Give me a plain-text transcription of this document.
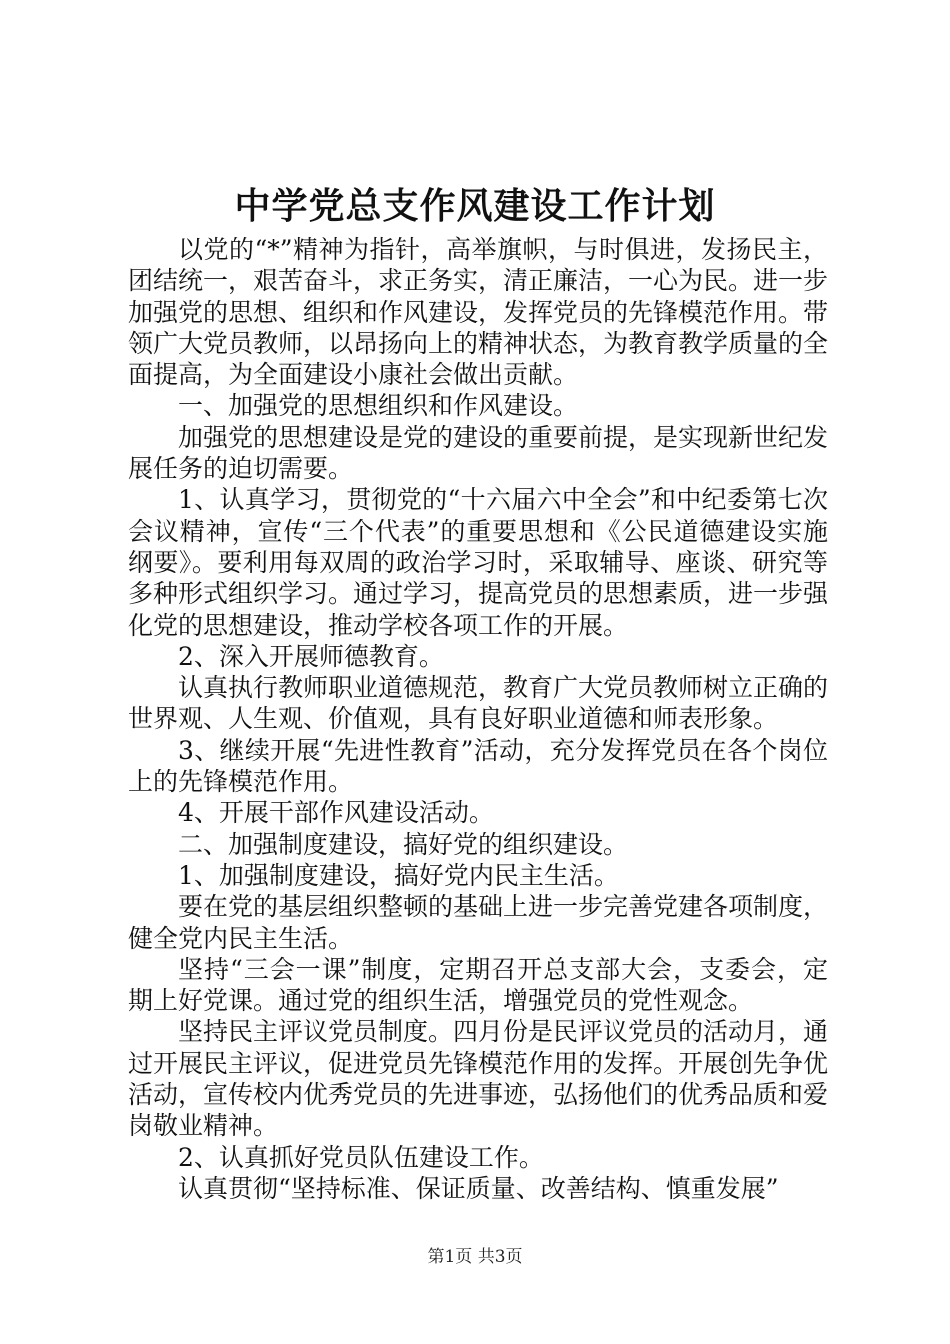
中学党总支作风建设工作计划

以党的“*”精神为指针，高举旗帜，与时俱进，发扬民主，团结统一，艰苦奋斗，求正务实，清正廉洁，一心为民。进一步加强党的思想、组织和作风建设，发挥党员的先锋模范作用。带领广大党员教师，以昂扬向上的精神状态，为教育教学质量的全面提高，为全面建设小康社会做出贡献。

一、加强党的思想组织和作风建设。

加强党的思想建设是党的建设的重要前提，是实现新世纪发展任务的迫切需要。

1、认真学习，贯彻党的“十六届六中全会”和中纪委第七次会议精神，宣传“三个代表”的重要思想和《公民道德建设实施纲要》。要利用每双周的政治学习时，采取辅导、座谈、研究等多种形式组织学习。通过学习，提高党员的思想素质，进一步强化党的思想建设，推动学校各项工作的开展。

2、深入开展师德教育。

认真执行教师职业道德规范，教育广大党员教师树立正确的世界观、人生观、价值观，具有良好职业道德和师表形象。

3、继续开展“先进性教育”活动，充分发挥党员在各个岗位上的先锋模范作用。

4、开展干部作风建设活动。

二、加强制度建设，搞好党的组织建设。

1、加强制度建设，搞好党内民主生活。

要在党的基层组织整顿的基础上进一步完善党建各项制度，健全党内民主生活。

坚持“三会一课”制度，定期召开总支部大会，支委会，定期上好党课。通过党的组织生活，增强党员的党性观念。

坚持民主评议党员制度。四月份是民评议党员的活动月，通过开展民主评议，促进党员先锋模范作用的发挥。开展创先争优活动，宣传校内优秀党员的先进事迹，弘扬他们的优秀品质和爱岗敬业精神。

2、认真抓好党员队伍建设工作。

认真贯彻“坚持标准、保证质量、改善结构、慎重发展”

第1页 共3页
